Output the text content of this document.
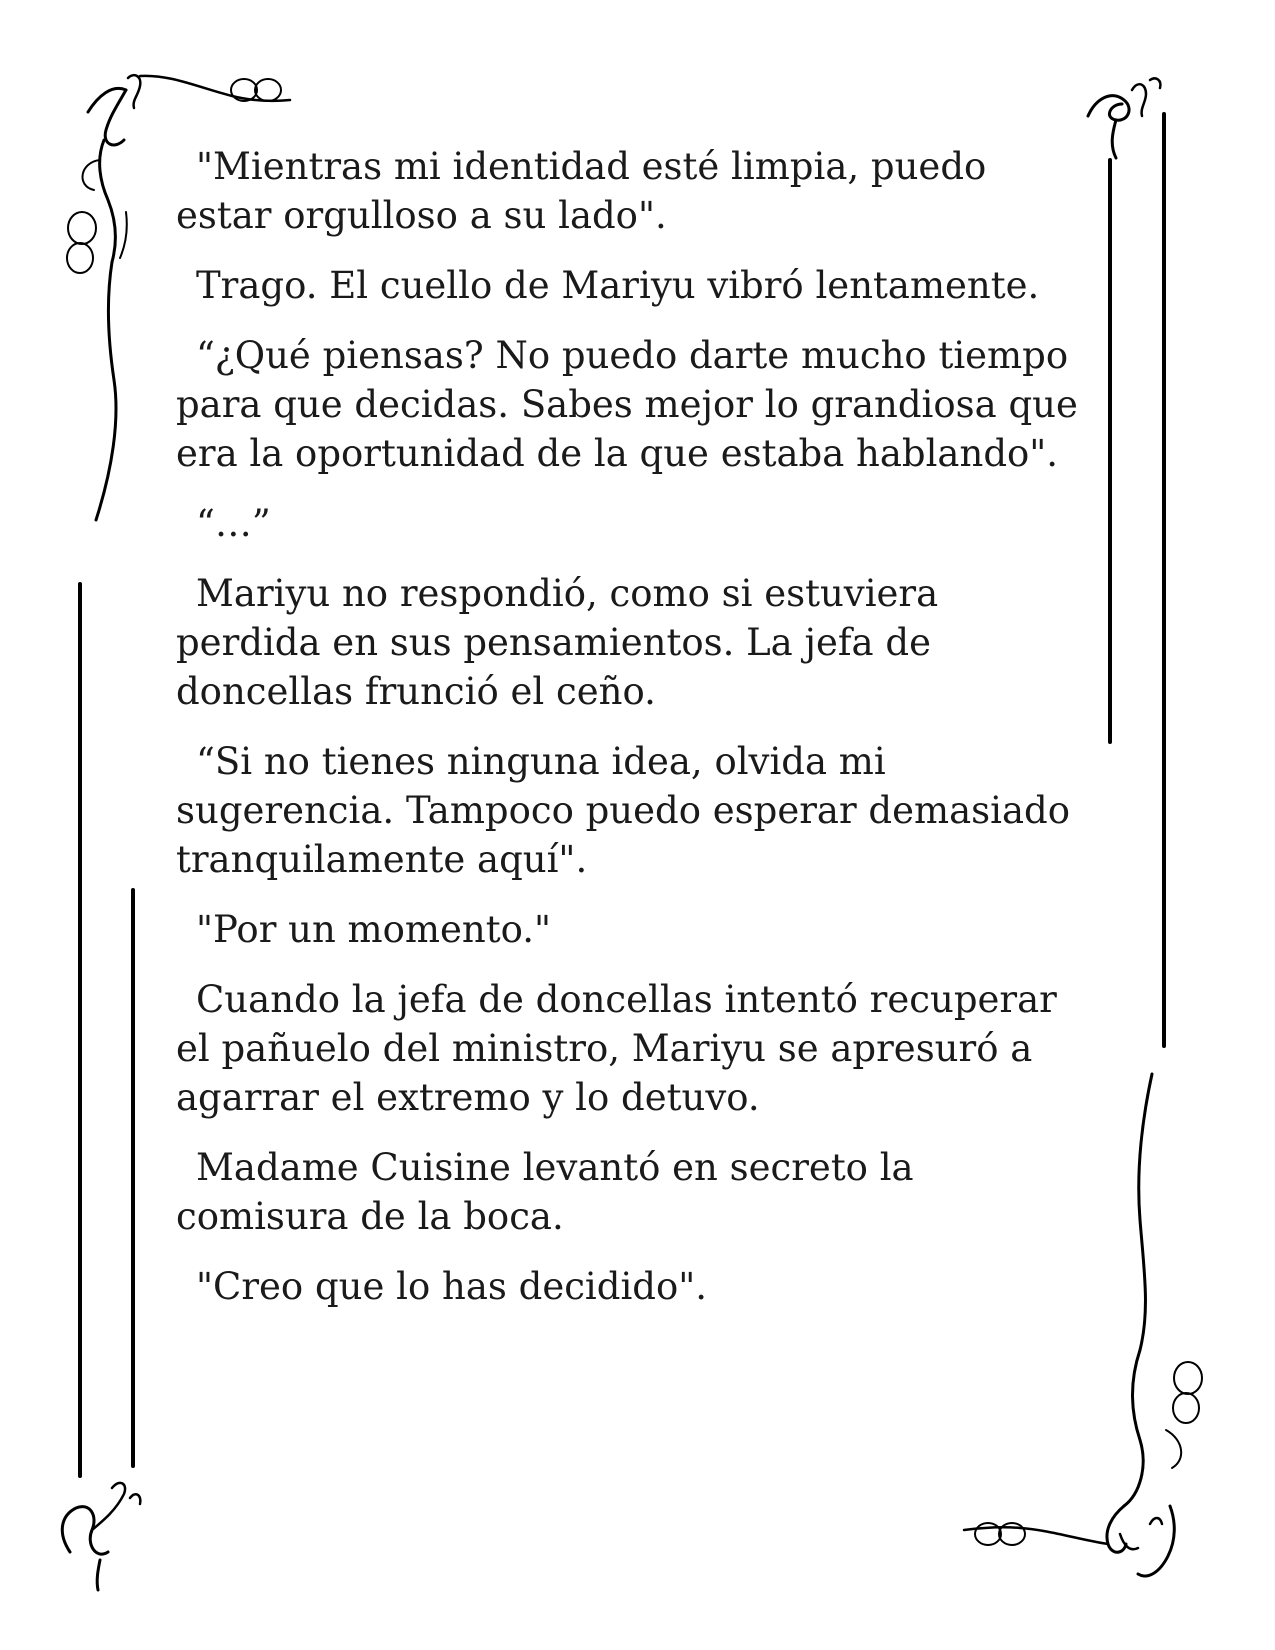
"Mientras mi identidad esté limpia, puedo
estar orgulloso a su lado".

Trago. El cuello de Mariyu vibró lentamente.

“¿Qué piensas? No puedo darte mucho tiempo
para que decidas. Sabes mejor lo grandiosa que
era la oportunidad de la que estaba hablando".

“…”

Mariyu no respondió, como si estuviera
perdida en sus pensamientos. La jefa de
doncellas frunció el ceño.

“Si no tienes ninguna idea, olvida mi
sugerencia. Tampoco puedo esperar demasiado
tranquilamente aquí".

"Por un momento."

Cuando la jefa de doncellas intentó recuperar
el pañuelo del ministro, Mariyu se apresuró a
agarrar el extremo y lo detuvo.

Madame Cuisine levantó en secreto la
comisura de la boca.

"Creo que lo has decidido".
